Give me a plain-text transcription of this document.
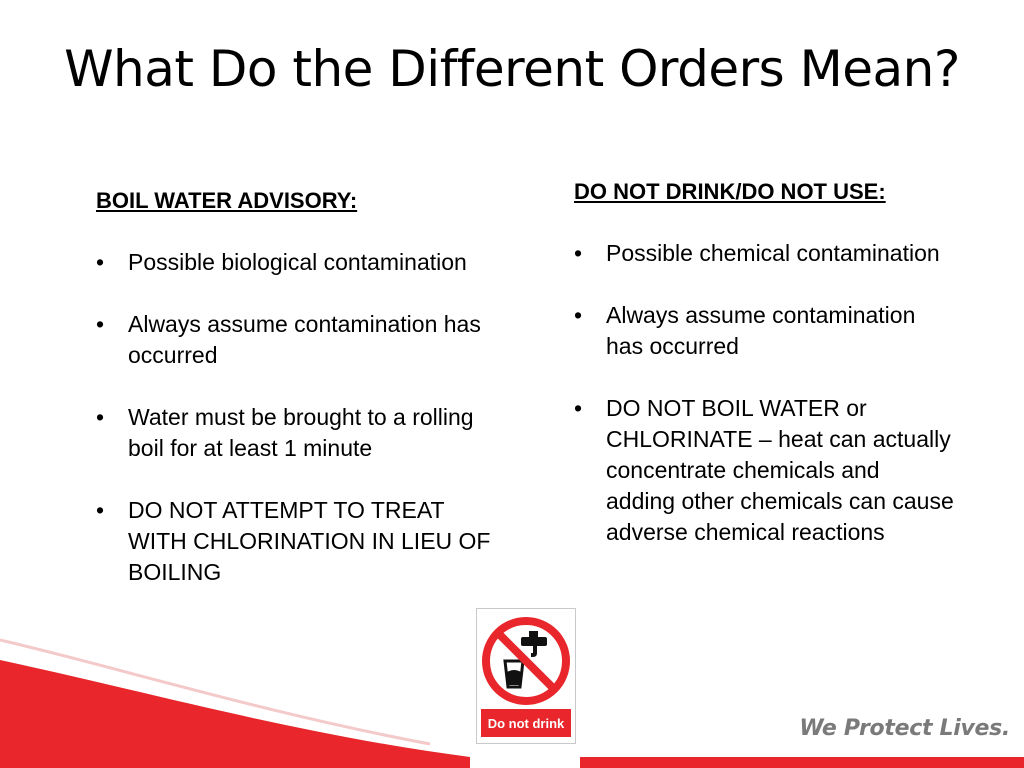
What Do the Different Orders Mean?
BOIL WATER ADVISORY:
• Possible biological contamination
• Always assume contamination has occurred
• Water must be brought to a rolling boil for at least 1 minute
• DO NOT ATTEMPT TO TREAT WITH CHLORINATION IN LIEU OF BOILING
DO NOT DRINK/DO NOT USE:
• Possible chemical contamination
• Always assume contamination has occurred
• DO NOT BOIL WATER or CHLORINATE – heat can actually concentrate chemicals and adding other chemicals can cause adverse chemical reactions
Do not drink	We Protect Lives.
